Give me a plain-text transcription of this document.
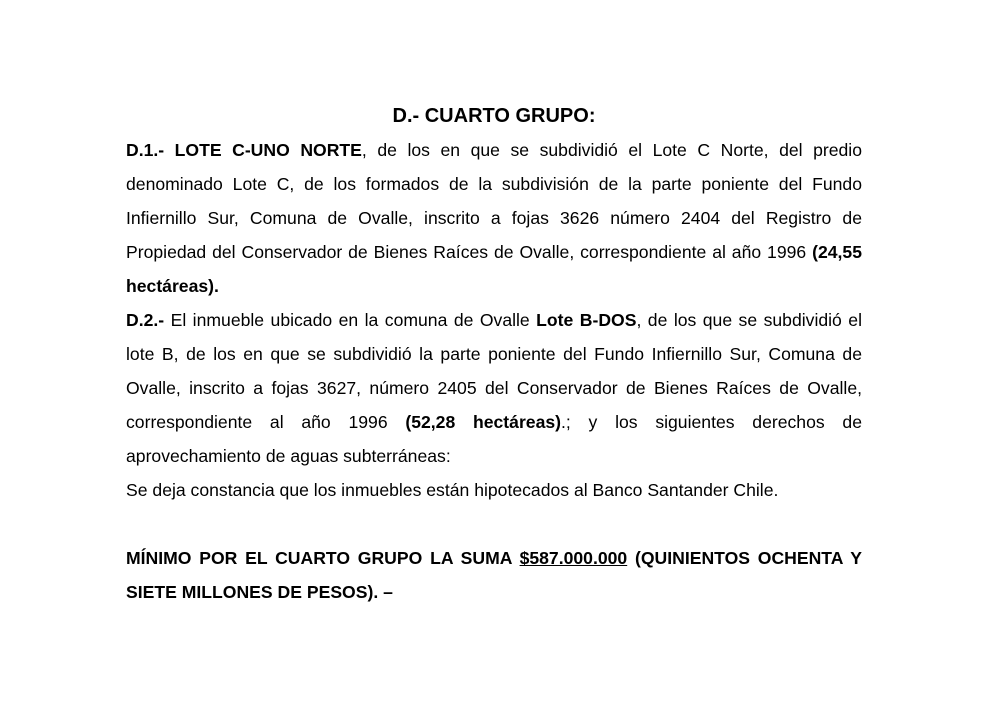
D.- CUARTO GRUPO:

D.1.- LOTE C-UNO NORTE, de los en que se subdividió el Lote C Norte, del predio denominado Lote C, de los formados de la subdivisión de la parte poniente del Fundo Infiernillo Sur, Comuna de Ovalle, inscrito a fojas 3626 número 2404 del Registro de Propiedad del Conservador de Bienes Raíces de Ovalle, correspondiente al año 1996 (24,55 hectáreas).

D.2.- El inmueble ubicado en la comuna de Ovalle Lote B-DOS, de los que se subdividió el lote B, de los en que se subdividió la parte poniente del Fundo Infiernillo Sur, Comuna de Ovalle, inscrito a fojas 3627, número 2405 del Conservador de Bienes Raíces de Ovalle, correspondiente al año 1996 (52,28 hectáreas).; y los siguientes derechos de aprovechamiento de aguas subterráneas:

Se deja constancia que los inmuebles están hipotecados al Banco Santander Chile.

MÍNIMO POR EL CUARTO GRUPO LA SUMA $587.000.000 (QUINIENTOS OCHENTA Y SIETE MILLONES DE PESOS). –
